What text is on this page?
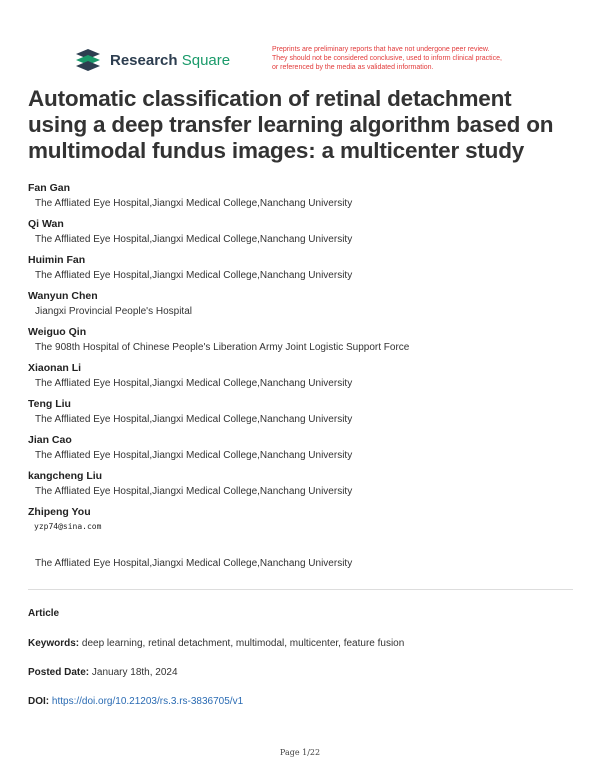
Research Square
Preprints are preliminary reports that have not undergone peer review.
They should not be considered conclusive, used to inform clinical practice,
or referenced by the media as validated information.
Automatic classification of retinal detachment using a deep transfer learning algorithm based on multimodal fundus images: a multicenter study
Fan Gan
The Affliated Eye Hospital,Jiangxi Medical College,Nanchang University
Qi Wan
The Affliated Eye Hospital,Jiangxi Medical College,Nanchang University
Huimin Fan
The Affliated Eye Hospital,Jiangxi Medical College,Nanchang University
Wanyun Chen
Jiangxi Provincial People's Hospital
Weiguo Qin
The 908th Hospital of Chinese People's Liberation Army Joint Logistic Support Force
Xiaonan Li
The Affliated Eye Hospital,Jiangxi Medical College,Nanchang University
Teng Liu
The Affliated Eye Hospital,Jiangxi Medical College,Nanchang University
Jian Cao
The Affliated Eye Hospital,Jiangxi Medical College,Nanchang University
kangcheng Liu
The Affliated Eye Hospital,Jiangxi Medical College,Nanchang University
Zhipeng You
yzp74@sina.com
The Affliated Eye Hospital,Jiangxi Medical College,Nanchang University
Article
Keywords: deep learning, retinal detachment, multimodal, multicenter, feature fusion
Posted Date: January 18th, 2024
DOI: https://doi.org/10.21203/rs.3.rs-3836705/v1
Page 1/22
